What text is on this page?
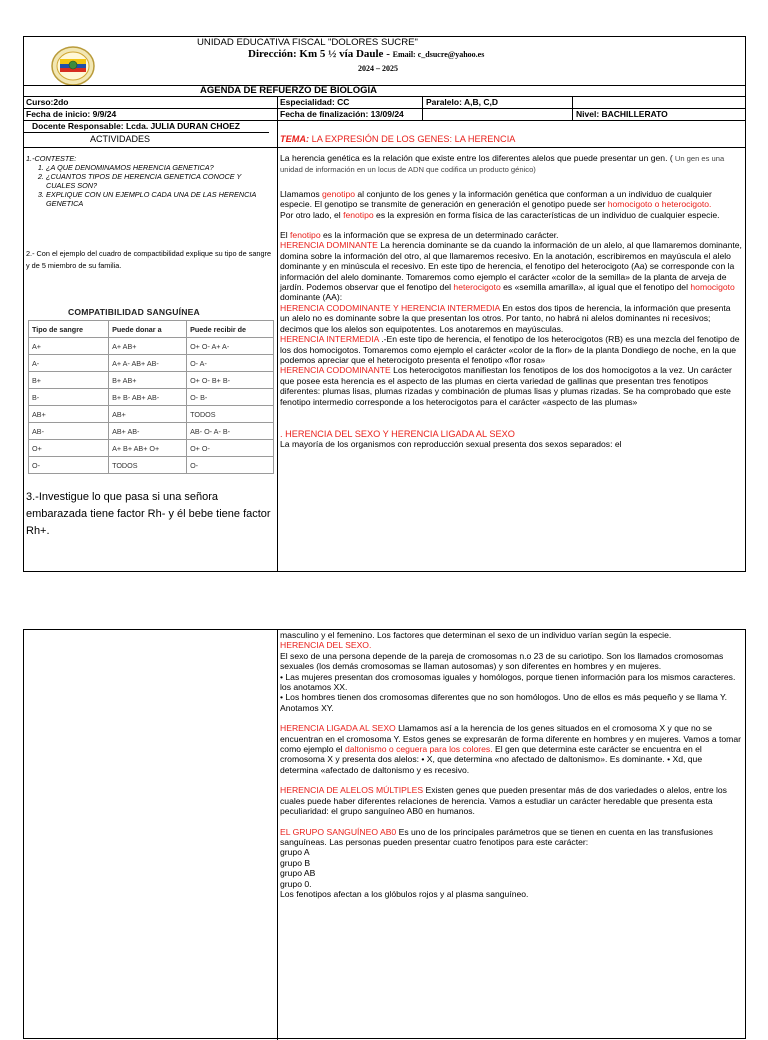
UNIDAD EDUCATIVA FISCAL "DOLORES SUCRE"
Dirección: Km 5 ½ vía Daule - Email: c_dsucre@yahoo.es
2024 – 2025
AGENDA DE REFUERZO DE BIOLOGIA
Curso:2do	Especialidad: CC	Paralelo: A,B, C,D
Fecha de inicio: 9/9/24	Fecha de finalización: 13/09/24	Nivel: BACHILLERATO
Docente Responsable: Lcda. JULIA DURAN CHOEZ
ACTIVIDADES	TEMA: LA EXPRESIÓN DE LOS GENES: LA HERENCIA
1.-CONTESTE:
1. ¿A QUE DENOMINAMOS HERENCIA GENETICA?
2. ¿CUANTOS TIPOS DE HERENCIA GENETICA CONOCE Y CUALES SON?
3. EXPLIQUE CON UN EJEMPLO CADA UNA DE LAS HERENCIA GENETICA
2.- Con el ejemplo del cuadro de compactibilidad explique su tipo de sangre y de 5 miembro de su familia.
COMPATIBILIDAD SANGUÍNEA
Tipo de sangre	Puede donar a	Puede recibir de
A+	A+ AB+	O+ O- A+ A-
A-	A+ A- AB+ AB-	O- A-
B+	B+ AB+	O+ O- B+ B-
B-	B+ B- AB+ AB-	O- B-
AB+	AB+	TODOS
AB-	AB+ AB-	AB- O- A- B-
O+	A+ B+ AB+ O+	O+ O-
O-	TODOS	O-
3.-Investigue lo que pasa si una señora embarazada tiene factor Rh- y él bebe tiene factor Rh+.

La herencia genética es la relación que existe entre los diferentes alelos que puede presentar un gen. ( Un gen es una unidad de información en un locus de ADN que codifica un producto génico)

Llamamos genotipo al conjunto de los genes y la información genética que conforman a un individuo de cualquier especie. El genotipo se transmite de generación en generación el genotipo puede ser homocigoto o heterocigoto.

Por otro lado, el fenotipo es la expresión en forma física de las características de un individuo de cualquier especie.

El fenotipo es la información que se expresa de un determinado carácter.

HERENCIA DOMINANTE La herencia dominante se da cuando la información de un alelo, al que llamaremos dominante, domina sobre la información del otro, al que llamaremos recesivo. En la anotación, escribiremos en mayúscula el alelo dominante y en minúscula el recesivo. En este tipo de herencia, el fenotipo del heterocigoto (Aa) se corresponde con la información del alelo dominante. Tomaremos como ejemplo el carácter «color de la semilla» de la planta de arveja de jardín. Podemos observar que el fenotipo del heterocigoto es «semilla amarilla», al igual que el fenotipo del homocigoto dominante (AA):

HERENCIA CODOMINANTE Y HERENCIA INTERMEDIA En estos dos tipos de herencia, la información que presenta un alelo no es dominante sobre la que presentan los otros. Por tanto, no habrá ni alelos dominantes ni recesivos; decimos que los alelos son equipotentes. Los anotaremos en mayúsculas.

HERENCIA INTERMEDIA .-En este tipo de herencia, el fenotipo de los heterocigotos (RB) es una mezcla del fenotipo de los dos homocigotos. Tomaremos como ejemplo el carácter «color de la flor» de la planta Dondiego de noche, en la que podemos apreciar que el heterocigoto presenta el fenotipo «flor rosa»

HERENCIA CODOMINANTE Los heterocigotos manifiestan los fenotipos de los dos homocigotos a la vez. Un carácter que posee esta herencia es el aspecto de las plumas en cierta variedad de gallinas que presentan tres fenotipos diferentes: plumas lisas, plumas rizadas y combinación de plumas lisas y plumas rizadas. Se ha comprobado que este fenotipo intermedio corresponde a los heterocigotos para el carácter «aspecto de las plumas»

. HERENCIA DEL SEXO Y HERENCIA LIGADA AL SEXO

La mayoría de los organismos con reproducción sexual presenta dos sexos separados: el

masculino y el femenino. Los factores que determinan el sexo de un individuo varían según la especie.

HERENCIA DEL SEXO.

El sexo de una persona depende de la pareja de cromosomas n.o 23 de su cariotipo. Son los llamados cromosomas sexuales (los demás cromosomas se llaman autosomas) y son diferentes en hombres y en mujeres.

• Las mujeres presentan dos cromosomas iguales y homólogos, porque tienen información para los mismos caracteres. los anotamos XX.

• Los hombres tienen dos cromosomas diferentes que no son homólogos. Uno de ellos es más pequeño y se llama Y. Anotamos XY.

HERENCIA LIGADA AL SEXO Llamamos así a la herencia de los genes situados en el cromosoma X y que no se encuentran en el cromosoma Y. Estos genes se expresarán de forma diferente en hombres y en mujeres. Vamos a tomar como ejemplo el daltonismo o ceguera para los colores. El gen que determina este carácter se encuentra en el cromosoma X y presenta dos alelos: • X, que determina «no afectado de daltonismo». Es dominante. • Xd, que determina «afectado de daltonismo y es recesivo.

HERENCIA DE ALELOS MÚLTIPLES Existen genes que pueden presentar más de dos variedades o alelos, entre los cuales puede haber diferentes relaciones de herencia. Vamos a estudiar un carácter heredable que presenta esta peculiaridad: el grupo sanguíneo AB0 en humanos.

EL GRUPO SANGUÍNEO AB0 Es uno de los principales parámetros que se tienen en cuenta en las transfusiones sanguíneas. Las personas pueden presentar cuatro fenotipos para este carácter:

grupo A

grupo B

grupo AB

grupo 0.

Los fenotipos afectan a los glóbulos rojos y al plasma sanguíneo.
